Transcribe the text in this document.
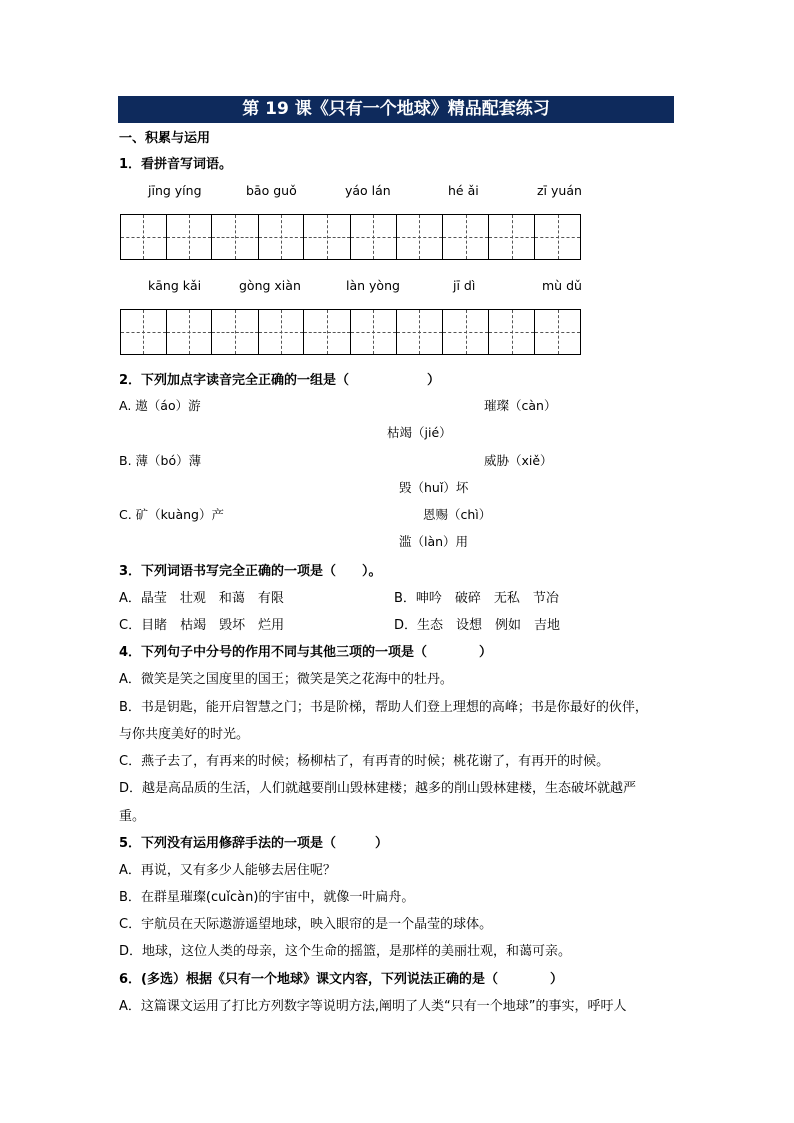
第 19 课《只有一个地球》精品配套练习
一、积累与运用
1．看拼音写词语。
jīng yíng	bāo guǒ	yáo lán	hé ǎi	zī yuán
kāng kǎi	gòng xiàn	làn yòng	jī dì	mù dǔ
2．下列加点字读音完全正确的一组是（　　　　　　）
A. 遨（áo）游	璀璨（càn）
枯竭（jié）
B. 薄（bó）薄	威胁（xiě）
毁（huǐ）坏
C. 矿（kuàng）产	恩赐（chì）
滥（làn）用
3．下列词语书写完全正确的一项是（　　）。
A．晶莹　壮观　和蔼　有限	B．呻吟　破碎　无私　节冶
C．目睹　枯竭　毁坏　烂用	D．生态　设想　例如　吉地
4．下列句子中分号的作用不同与其他三项的一项是（　　　　）
A．微笑是笑之国度里的国王；微笑是笑之花海中的牡丹。
B．书是钥匙，能开启智慧之门；书是阶梯，帮助人们登上理想的高峰；书是你最好的伙伴，
与你共度美好的时光。
C．燕子去了，有再来的时候；杨柳枯了，有再青的时候；桃花谢了，有再开的时候。
D．越是高品质的生活，人们就越要削山毁林建楼；越多的削山毁林建楼，生态破坏就越严
重。
5．下列没有运用修辞手法的一项是（　　　）
A．再说，又有多少人能够去居住呢？
B．在群星璀璨(cuǐcàn)的宇宙中，就像一叶扁舟。
C．宇航员在天际遨游遥望地球，映入眼帘的是一个晶莹的球体。
D．地球，这位人类的母亲，这个生命的摇篮，是那样的美丽壮观，和蔼可亲。
6．(多选）根据《只有一个地球》课文内容，下列说法正确的是（　　　　）
A．这篇课文运用了打比方列数字等说明方法,阐明了人类“只有一个地球”的事实，呼吁人
